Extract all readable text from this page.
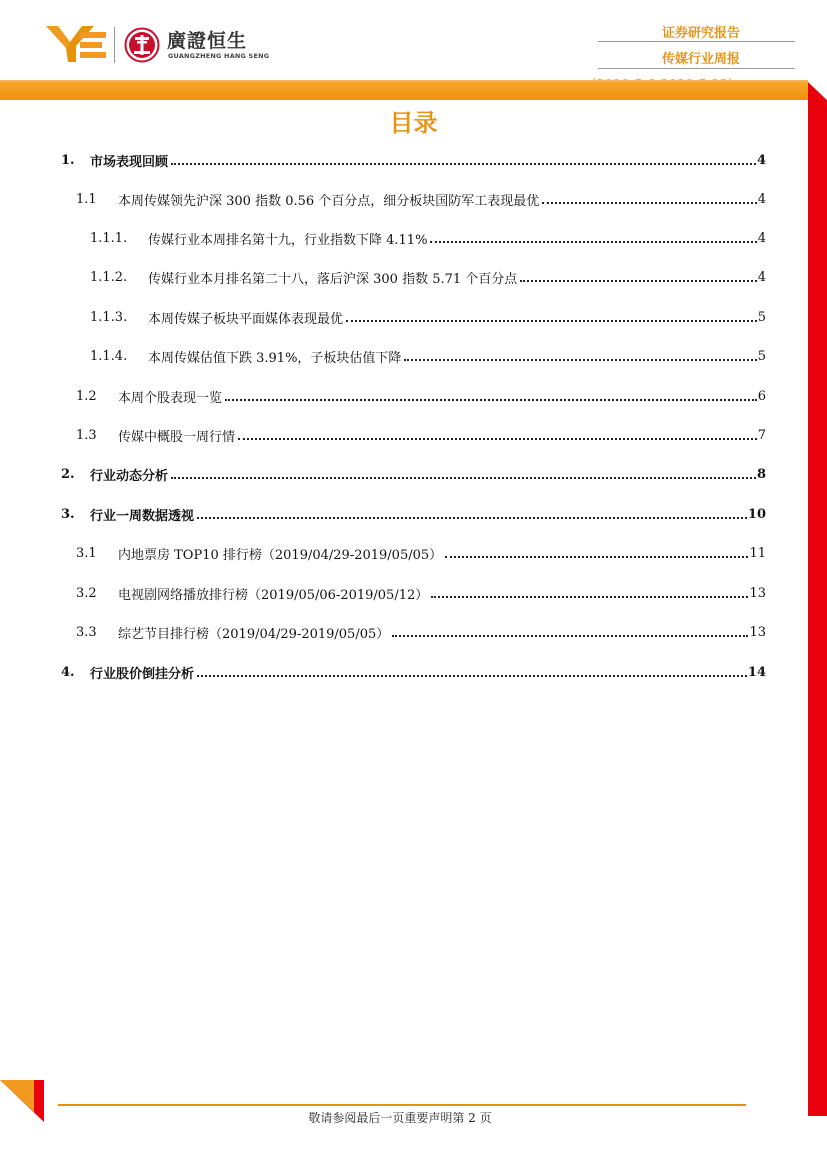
廣證恒生
GUANGZHENG HANG SENG
证券研究报告
传媒行业周报
目录
1.	市场表现回顾	4
1.1	本周传媒领先沪深 300 指数 0.56 个百分点，细分板块国防军工表现最优	4
1.1.1.	传媒行业本周排名第十九，行业指数下降 4.11%	4
1.1.2.	传媒行业本月排名第二十八，落后沪深 300 指数 5.71 个百分点	4
1.1.3.	本周传媒子板块平面媒体表现最优	5
1.1.4.	本周传媒估值下跌 3.91%，子板块估值下降	5
1.2	本周个股表现一览	6
1.3	传媒中概股一周行情	7
2.	行业动态分析	8
3.	行业一周数据透视	10
3.1	内地票房 TOP10 排行榜（2019/04/29-2019/05/05）	11
3.2	电视剧网络播放排行榜（2019/05/06-2019/05/12）	13
3.3	综艺节目排行榜（2019/04/29-2019/05/05）	13
4.	行业股价倒挂分析	14
敬请参阅最后一页重要声明第 2 页
